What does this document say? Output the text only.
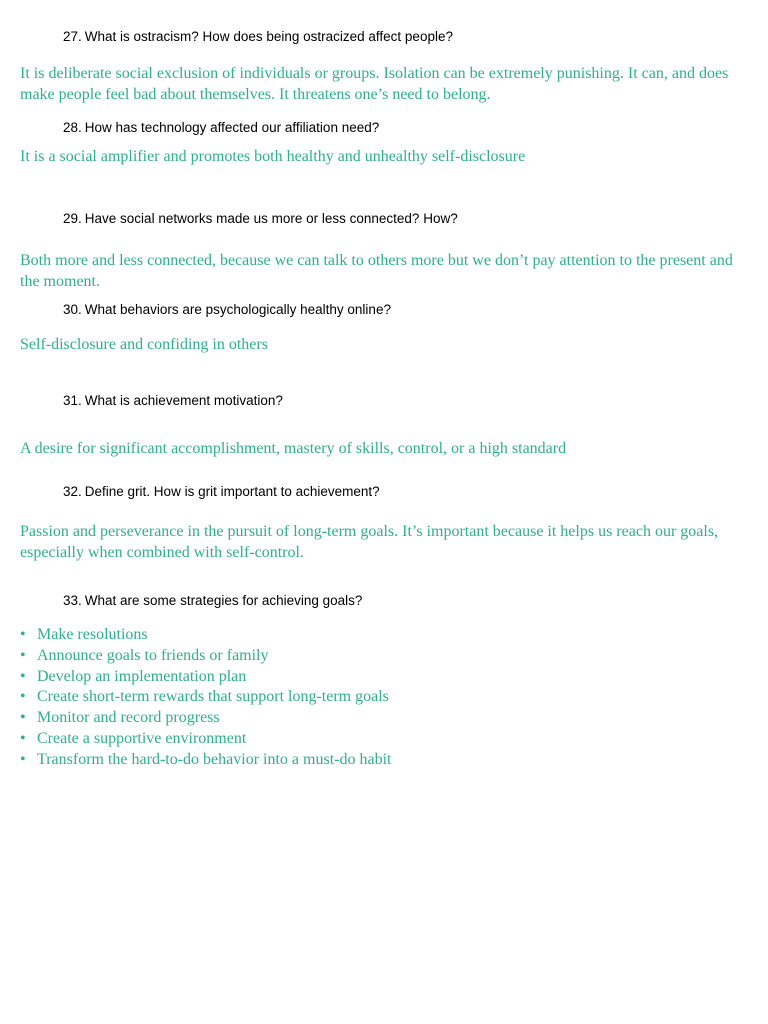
27. What is ostracism? How does being ostracized affect people?
It is deliberate social exclusion of individuals or groups. Isolation can be extremely punishing. It can, and does make people feel bad about themselves. It threatens one’s need to belong.
28. How has technology affected our affiliation need?
It is a social amplifier and promotes both healthy and unhealthy self-disclosure
29. Have social networks made us more or less connected? How?
Both more and less connected, because we can talk to others more but we don’t pay attention to the present and the moment.
30. What behaviors are psychologically healthy online?
Self-disclosure and confiding in others
31. What is achievement motivation?
A desire for significant accomplishment, mastery of skills, control, or a high standard
32. Define grit. How is grit important to achievement?
Passion and perseverance in the pursuit of long-term goals. It’s important because it helps us reach our goals, especially when combined with self-control.
33. What are some strategies for achieving goals?
• Make resolutions
• Announce goals to friends or family
• Develop an implementation plan
• Create short-term rewards that support long-term goals
• Monitor and record progress
• Create a supportive environment
• Transform the hard-to-do behavior into a must-do habit
